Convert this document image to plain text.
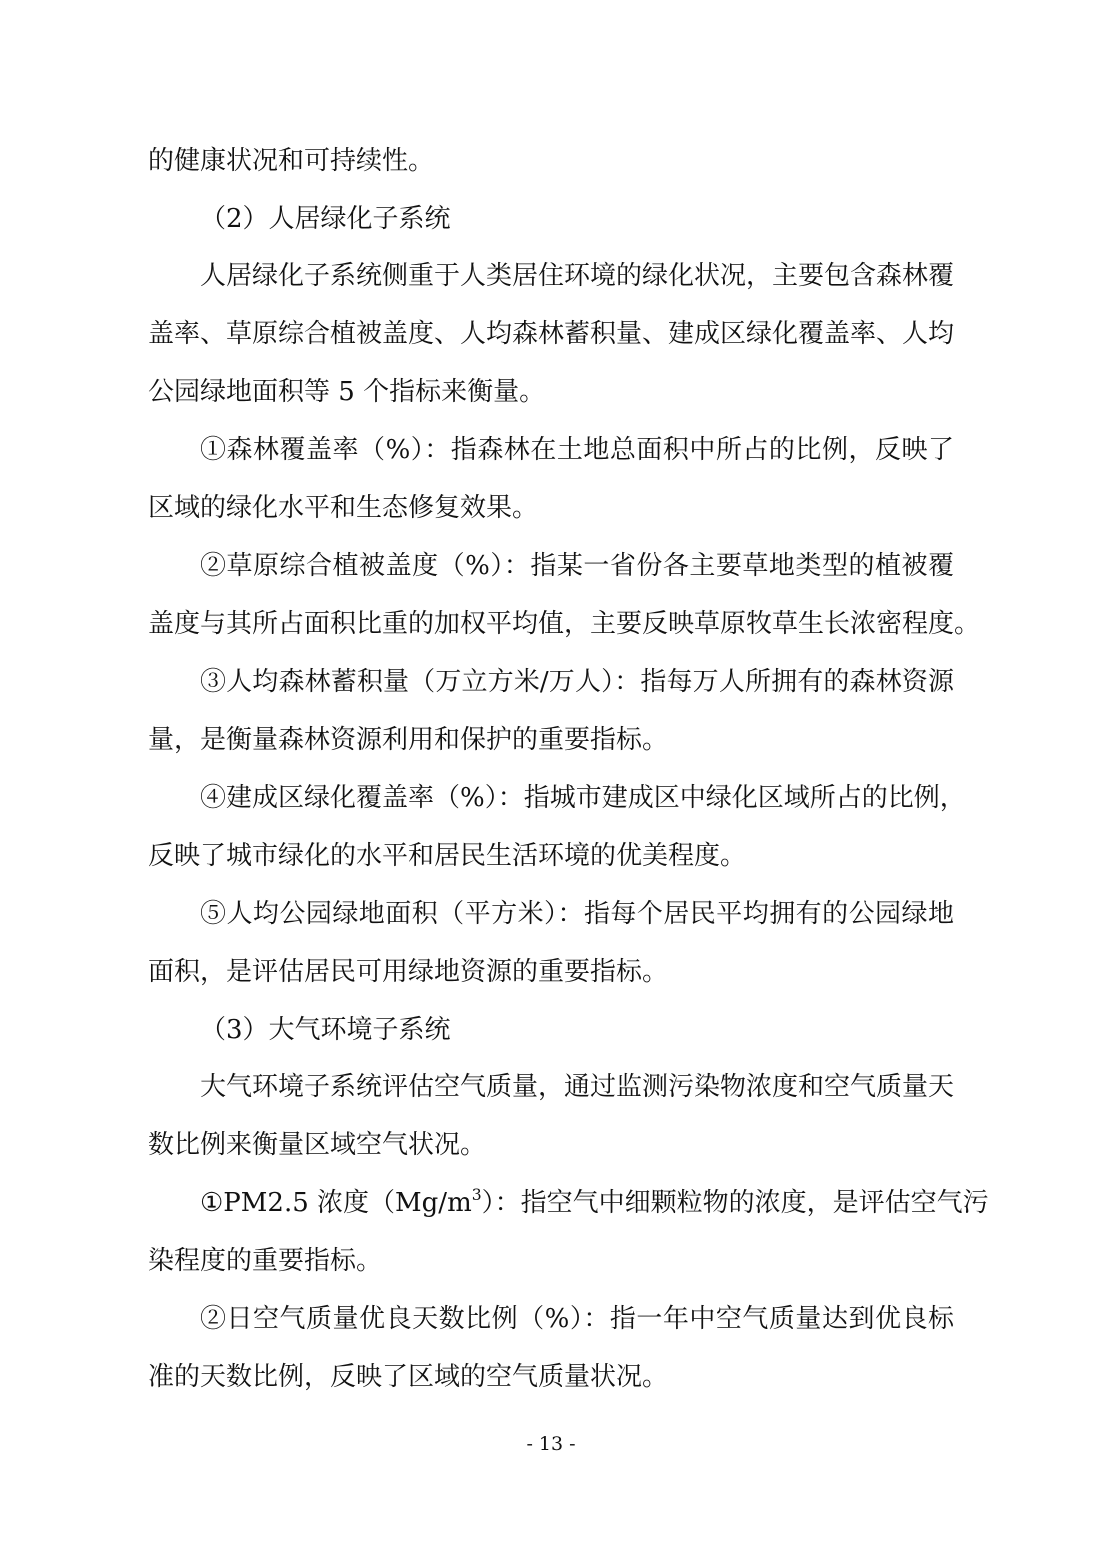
的健康状况和可持续性。
（2）人居绿化子系统
人居绿化子系统侧重于人类居住环境的绿化状况，主要包含森林覆
盖率、草原综合植被盖度、人均森林蓄积量、建成区绿化覆盖率、人均
公园绿地面积等 5 个指标来衡量。
①森林覆盖率（%）：指森林在土地总面积中所占的比例，反映了
区域的绿化水平和生态修复效果。
②草原综合植被盖度（%）：指某一省份各主要草地类型的植被覆
盖度与其所占面积比重的加权平均值，主要反映草原牧草生长浓密程度。
③人均森林蓄积量（万立方米/万人）：指每万人所拥有的森林资源
量，是衡量森林资源利用和保护的重要指标。
④建成区绿化覆盖率（%）：指城市建成区中绿化区域所占的比例，
反映了城市绿化的水平和居民生活环境的优美程度。
⑤人均公园绿地面积（平方米）：指每个居民平均拥有的公园绿地
面积，是评估居民可用绿地资源的重要指标。
（3）大气环境子系统
大气环境子系统评估空气质量，通过监测污染物浓度和空气质量天
数比例来衡量区域空气状况。
①PM2.5 浓度$(Mg/m^3)$：指空气中细颗粒物的浓度，是评估空气污
染程度的重要指标。
②日空气质量优良天数比例（%）：指一年中空气质量达到优良标
准的天数比例，反映了区域的空气质量状况。
- 13 -
